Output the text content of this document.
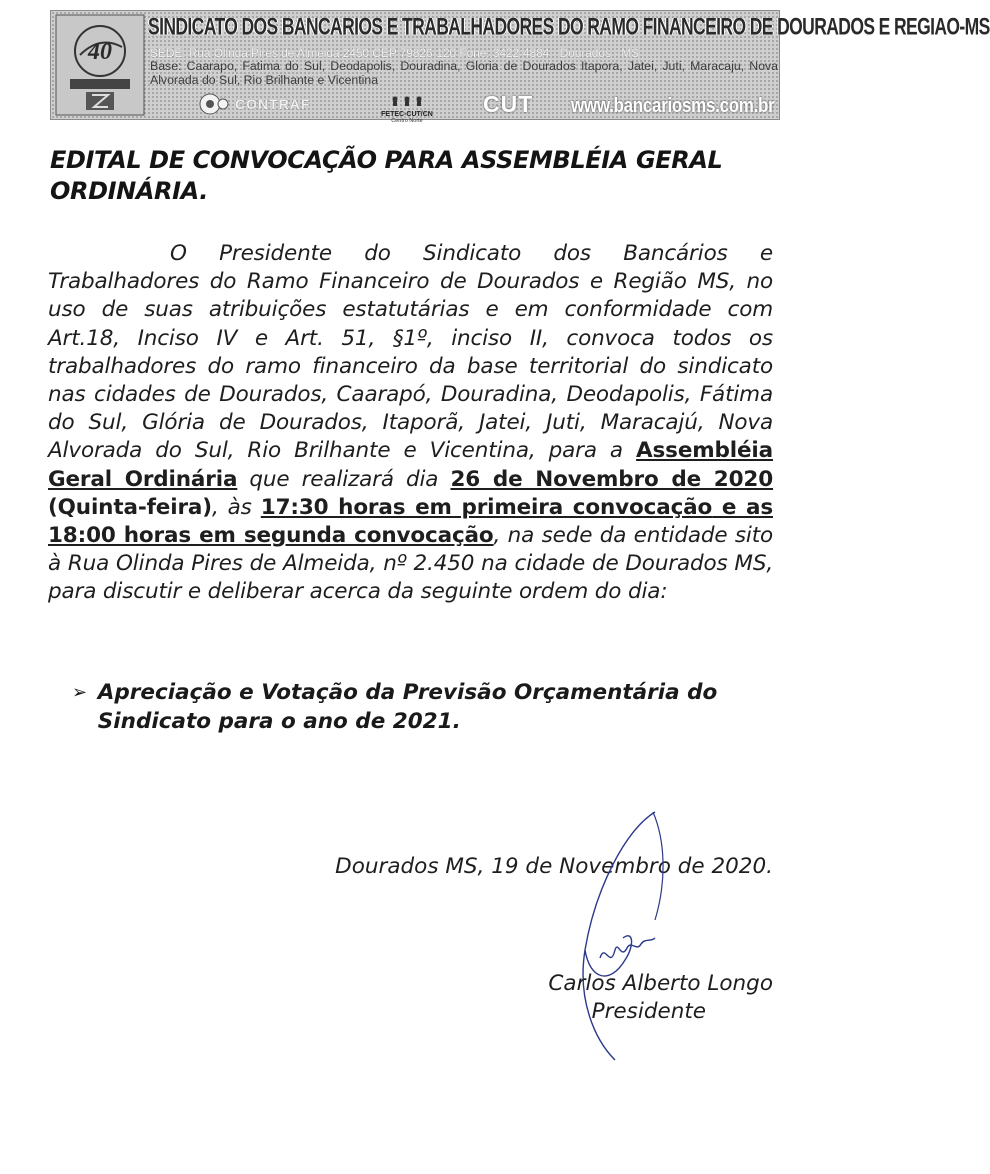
40
SINDICATO DOS BANCARIOS E TRABALHADORES DO RAMO FINANCEIRO DE DOURADOS E REGIAO-MS
SEDE: Rua Olinda Pires de Almeida 2450 CEP 79826-120 Fone: 3422-4884 - Dourados - MS
Base: Caarapo, Fatima do Sul, Deodapolis, Douradina, Gloria de Dourados Itapora, Jatei, Juti, Maracaju, Nova Alvorada do Sul, Rio Brilhante e Vicentina
CONTRAF
FETEC-CUT/CN
Centro Norte
CUT www.bancariosms.com.br
EDITAL DE CONVOCAÇÃO PARA ASSEMBLÉIA GERAL ORDINÁRIA.

O Presidente do Sindicato dos Bancários e Trabalhadores do Ramo Financeiro de Dourados e Região MS, no uso de suas atribuições estatutárias e em conformidade com Art.18, Inciso IV e Art. 51, §1º, inciso II, convoca todos os trabalhadores do ramo financeiro da base territorial do sindicato nas cidades de Dourados, Caarapó, Douradina, Deodapolis, Fátima do Sul, Glória de Dourados, Itaporã, Jatei, Juti, Maracajú, Nova Alvorada do Sul, Rio Brilhante e Vicentina, para a Assembléia Geral Ordinária que realizará dia 26 de Novembro de 2020 (Quinta-feira), às 17:30 horas em primeira convocação e as 18:00 horas em segunda convocação, na sede da entidade sito à Rua Olinda Pires de Almeida, nº 2.450 na cidade de Dourados MS, para discutir e deliberar acerca da seguinte ordem do dia:

➢ Apreciação e Votação da Previsão Orçamentária do Sindicato para o ano de 2021.

Dourados MS, 19 de Novembro de 2020.

Carlos Alberto Longo

Presidente
